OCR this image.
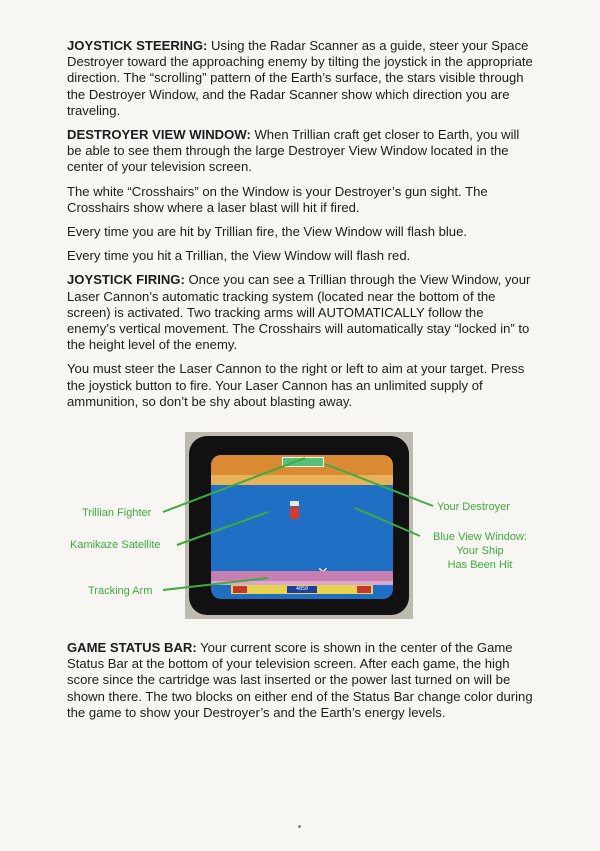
JOYSTICK STEERING: Using the Radar Scanner as a guide, steer your Space Destroyer toward the approaching enemy by tilting the joystick in the appropriate direction. The “scrolling” pattern of the Earth’s surface, the stars visible through the Destroyer Window, and the Radar Scanner show which direction you are traveling.

DESTROYER VIEW WINDOW: When Trillian craft get closer to Earth, you will be able to see them through the large Destroyer View Window located in the center of your television screen.

The white “Crosshairs” on the Window is your Destroyer’s gun sight. The Crosshairs show where a laser blast will hit if fired.

Every time you are hit by Trillian fire, the View Window will flash blue.

Every time you hit a Trillian, the View Window will flash red.

JOYSTICK FIRING: Once you can see a Trillian through the View Window, your Laser Cannon’s automatic tracking system (located near the bottom of the screen) is activated. Two tracking arms will AUTOMATICALLY follow the enemy’s vertical movement. The Crosshairs will automatically stay “locked in” to the height level of the enemy.

You must steer the Laser Cannon to the right or left to aim at your target. Press the joystick button to fire. Your Laser Cannon has an unlimited supply of ammunition, so don’t be shy about blasting away.

4850
Trillian Fighter
Kamikaze Satellite
Tracking Arm
Your Destroyer
Blue View Window:
Your Ship
Has Been Hit

GAME STATUS BAR: Your current score is shown in the center of the Game Status Bar at the bottom of your television screen. After each game, the high score since the cartridge was last inserted or the power last turned on will be shown there. The two blocks on either end of the Status Bar change color during the game to show your Destroyer’s and the Earth’s energy levels.
